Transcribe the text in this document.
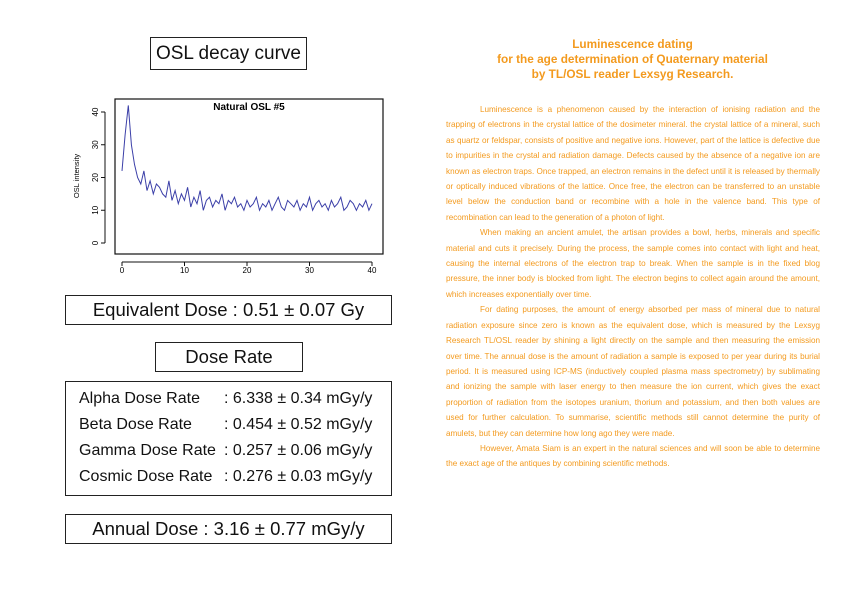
OSL decay curve
Natural OSL #5
OSL intensity
0
10
20
30
40
0	10	20	30	40
Equivalent Dose : 0.51 ± 0.07 Gy
Dose Rate
Alpha Dose Rate : 6.338 ± 0.34 mGy/y
Beta Dose Rate : 0.454 ± 0.52 mGy/y
Gamma Dose Rate : 0.257 ± 0.06 mGy/y
Cosmic Dose Rate : 0.276 ± 0.03 mGy/y
Annual Dose : 3.16 ± 0.77 mGy/y
Luminescence dating
for the age determination of Quaternary material
by TL/OSL reader Lexsyg Research.

Luminescence is a phenomenon caused by the interaction of ionising radiation and the trapping of electrons in the crystal lattice of the dosimeter mineral. the crystal lattice of a mineral, such as quartz or feldspar, consists of positive and negative ions. However, part of the lattice is defective due to impurities in the crystal and radiation damage. Defects caused by the absence of a negative ion are known as electron traps. Once trapped, an electron remains in the defect until it is released by thermally or optically induced vibrations of the lattice. Once free, the electron can be transferred to an unstable level below the conduction band or recombine with a hole in the valence band. This type of recombination can lead to the generation of a photon of light.

When making an ancient amulet, the artisan provides a bowl, herbs, minerals and specific material and cuts it precisely. During the process, the sample comes into contact with light and heat, causing the internal electrons of the electron trap to break. When the sample is in the fixed blog pressure, the inner body is blocked from light. The electron begins to collect again around the amount, which increases exponentially over time.

For dating purposes, the amount of energy absorbed per mass of mineral due to natural radiation exposure since zero is known as the equivalent dose, which is measured by the Lexsyg Research TL/OSL reader by shining a light directly on the sample and then measuring the emission over time. The annual dose is the amount of radiation a sample is exposed to per year during its burial period. It is measured using ICP-MS (inductively coupled plasma mass spectrometry) by sublimating and ionizing the sample with laser energy to then measure the ion current, which gives the exact proportion of radiation from the isotopes uranium, thorium and potassium, and then both values are used for further calculation. To summarise, scientific methods still cannot determine the purity of amulets, but they can determine how long ago they were made.

However, Amata Siam is an expert in the natural sciences and will soon be able to determine the exact age of the antiques by combining scientific methods.
